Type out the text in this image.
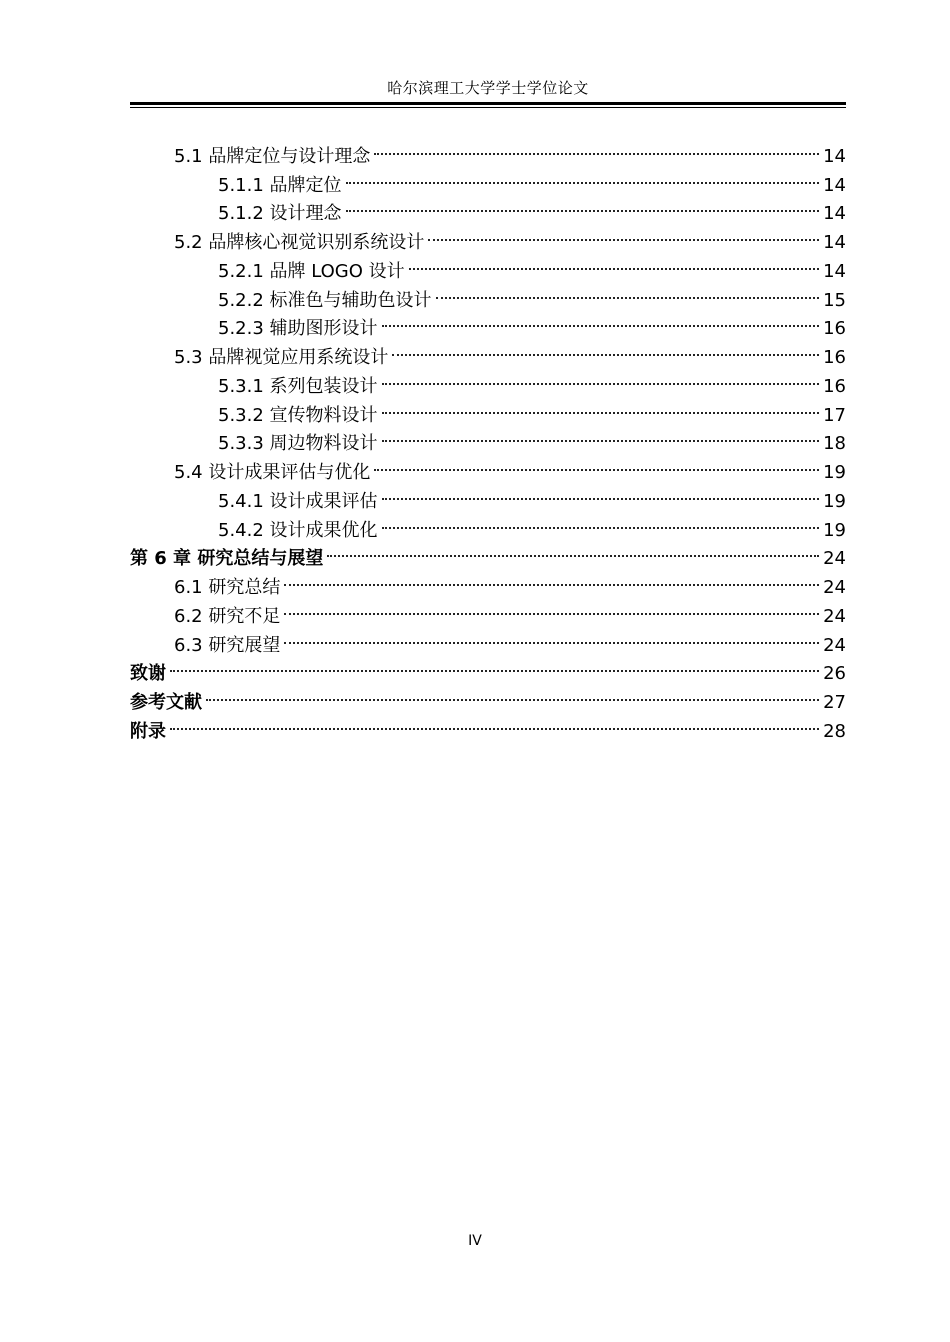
哈尔滨理工大学学士学位论文
5.1 品牌定位与设计理念	14
5.1.1 品牌定位	14
5.1.2 设计理念	14
5.2 品牌核心视觉识别系统设计	14
5.2.1 品牌 LOGO 设计	14
5.2.2 标准色与辅助色设计	15
5.2.3 辅助图形设计	16
5.3 品牌视觉应用系统设计	16
5.3.1 系列包装设计	16
5.3.2 宣传物料设计	17
5.3.3 周边物料设计	18
5.4 设计成果评估与优化	19
5.4.1 设计成果评估	19
5.4.2 设计成果优化	19
第 6 章 研究总结与展望	24
6.1 研究总结	24
6.2 研究不足	24
6.3 研究展望	24
致谢	26
参考文献	27
附录	28
IV
